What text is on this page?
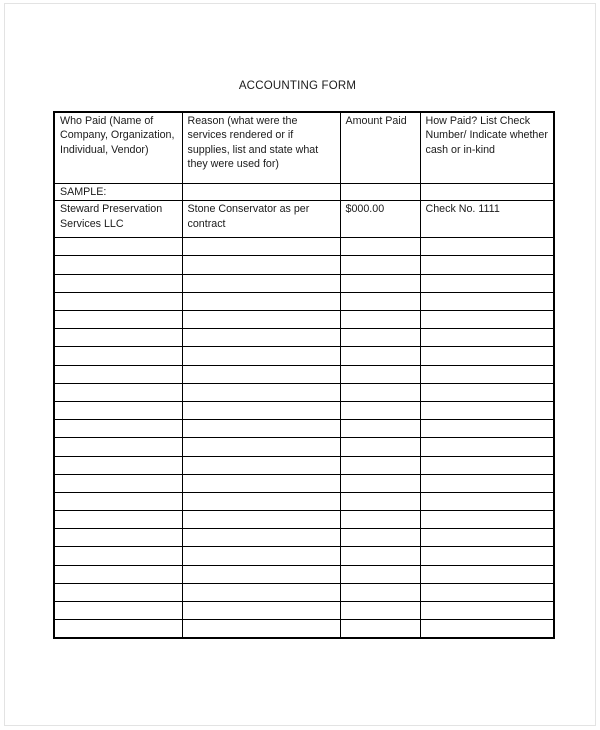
ACCOUNTING FORM
Who Paid (Name of Company, Organization, Individual, Vendor)	Reason (what were the services rendered or if supplies, list and state what they were used for)	Amount Paid	How Paid? List Check Number/ Indicate whether cash or in-kind
SAMPLE:			
Steward Preservation Services LLC	Stone Conservator as per contract	$000.00	Check No. 1111
